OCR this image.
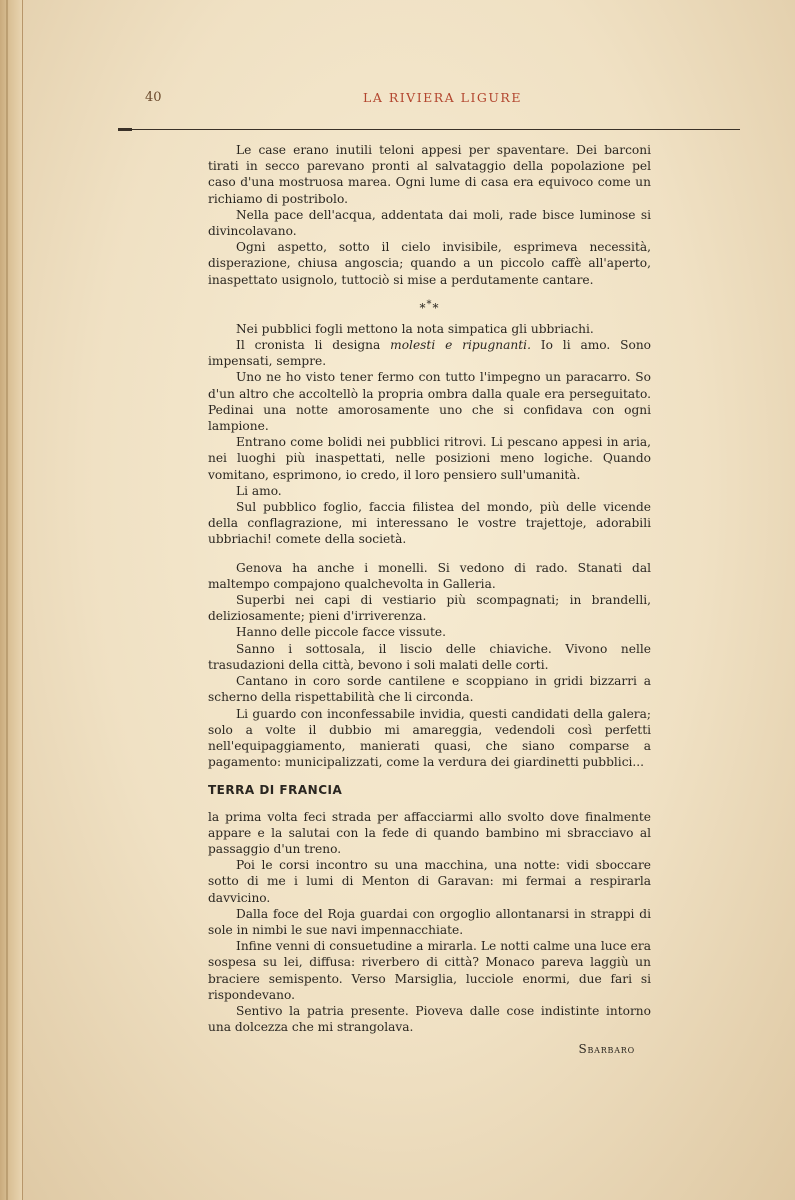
40	LA RIVIERA LIGURE

Le case erano inutili teloni appesi per spaventare. Dei barconi tirati in secco parevano pronti al salvataggio della popolazione pel caso d'una mostruosa marea. Ogni lume di casa era equivoco come un richiamo di postribolo.

Nella pace dell'acqua, addentata dai moli, rade bisce luminose si divincolavano.

Ogni aspetto, sotto il cielo invisibile, esprimeva necessità, disperazione, chiusa angoscia; quando a un piccolo caffè all'aperto, inaspettato usignolo, tuttociò si mise a perdutamente cantare.

***

Nei pubblici fogli mettono la nota simpatica gli ubbriachi.

Il cronista li designa molesti e ripugnanti. Io li amo. Sono impensati, sempre.

Uno ne ho visto tener fermo con tutto l'impegno un paracarro. So d'un altro che accoltellò la propria ombra dalla quale era perseguitato. Pedinai una notte amorosamente uno che si confidava con ogni lampione.

Entrano come bolidi nei pubblici ritrovi. Li pescano appesi in aria, nei luoghi più inaspettati, nelle posizioni meno logiche. Quando vomitano, esprimono, io credo, il loro pensiero sull'umanità.

Li amo.

Sul pubblico foglio, faccia filistea del mondo, più delle vicende della conflagrazione, mi interessano le vostre trajettoje, adorabili ubbriachi! comete della società.

Genova ha anche i monelli. Si vedono di rado. Stanati dal maltempo compajono qualchevolta in Galleria.

Superbi nei capi di vestiario più scompagnati; in brandelli, deliziosamente; pieni d'irriverenza.

Hanno delle piccole facce vissute.

Sanno i sottosala, il liscio delle chiaviche. Vivono nelle trasudazioni della città, bevono i soli malati delle corti.

Cantano in coro sorde cantilene e scoppiano in gridi bizzarri a scherno della rispettabilità che li circonda.

Li guardo con inconfessabile invidia, questi candidati della galera; solo a volte il dubbio mi amareggia, vedendoli così perfetti nell'equipaggiamento, manierati quasi, che siano comparse a pagamento: municipalizzati, come la verdura dei giardinetti pubblici...

TERRA DI FRANCIA

la prima volta feci strada per affacciarmi allo svolto dove finalmente appare e la salutai con la fede di quando bambino mi sbracciavo al passaggio d'un treno.

Poi le corsi incontro su una macchina, una notte: vidi sboccare sotto di me i lumi di Menton di Garavan: mi fermai a respirarla davvicino.

Dalla foce del Roja guardai con orgoglio allontanarsi in strappi di sole in nimbi le sue navi impennacchiate.

Infine venni di consuetudine a mirarla. Le notti calme una luce era sospesa su lei, diffusa: riverbero di città? Monaco pareva laggiù un braciere semispento. Verso Marsiglia, lucciole enormi, due fari si rispondevano.

Sentivo la patria presente. Pioveva dalle cose indistinte intorno una dolcezza che mi strangolava.

Sbarbaro
